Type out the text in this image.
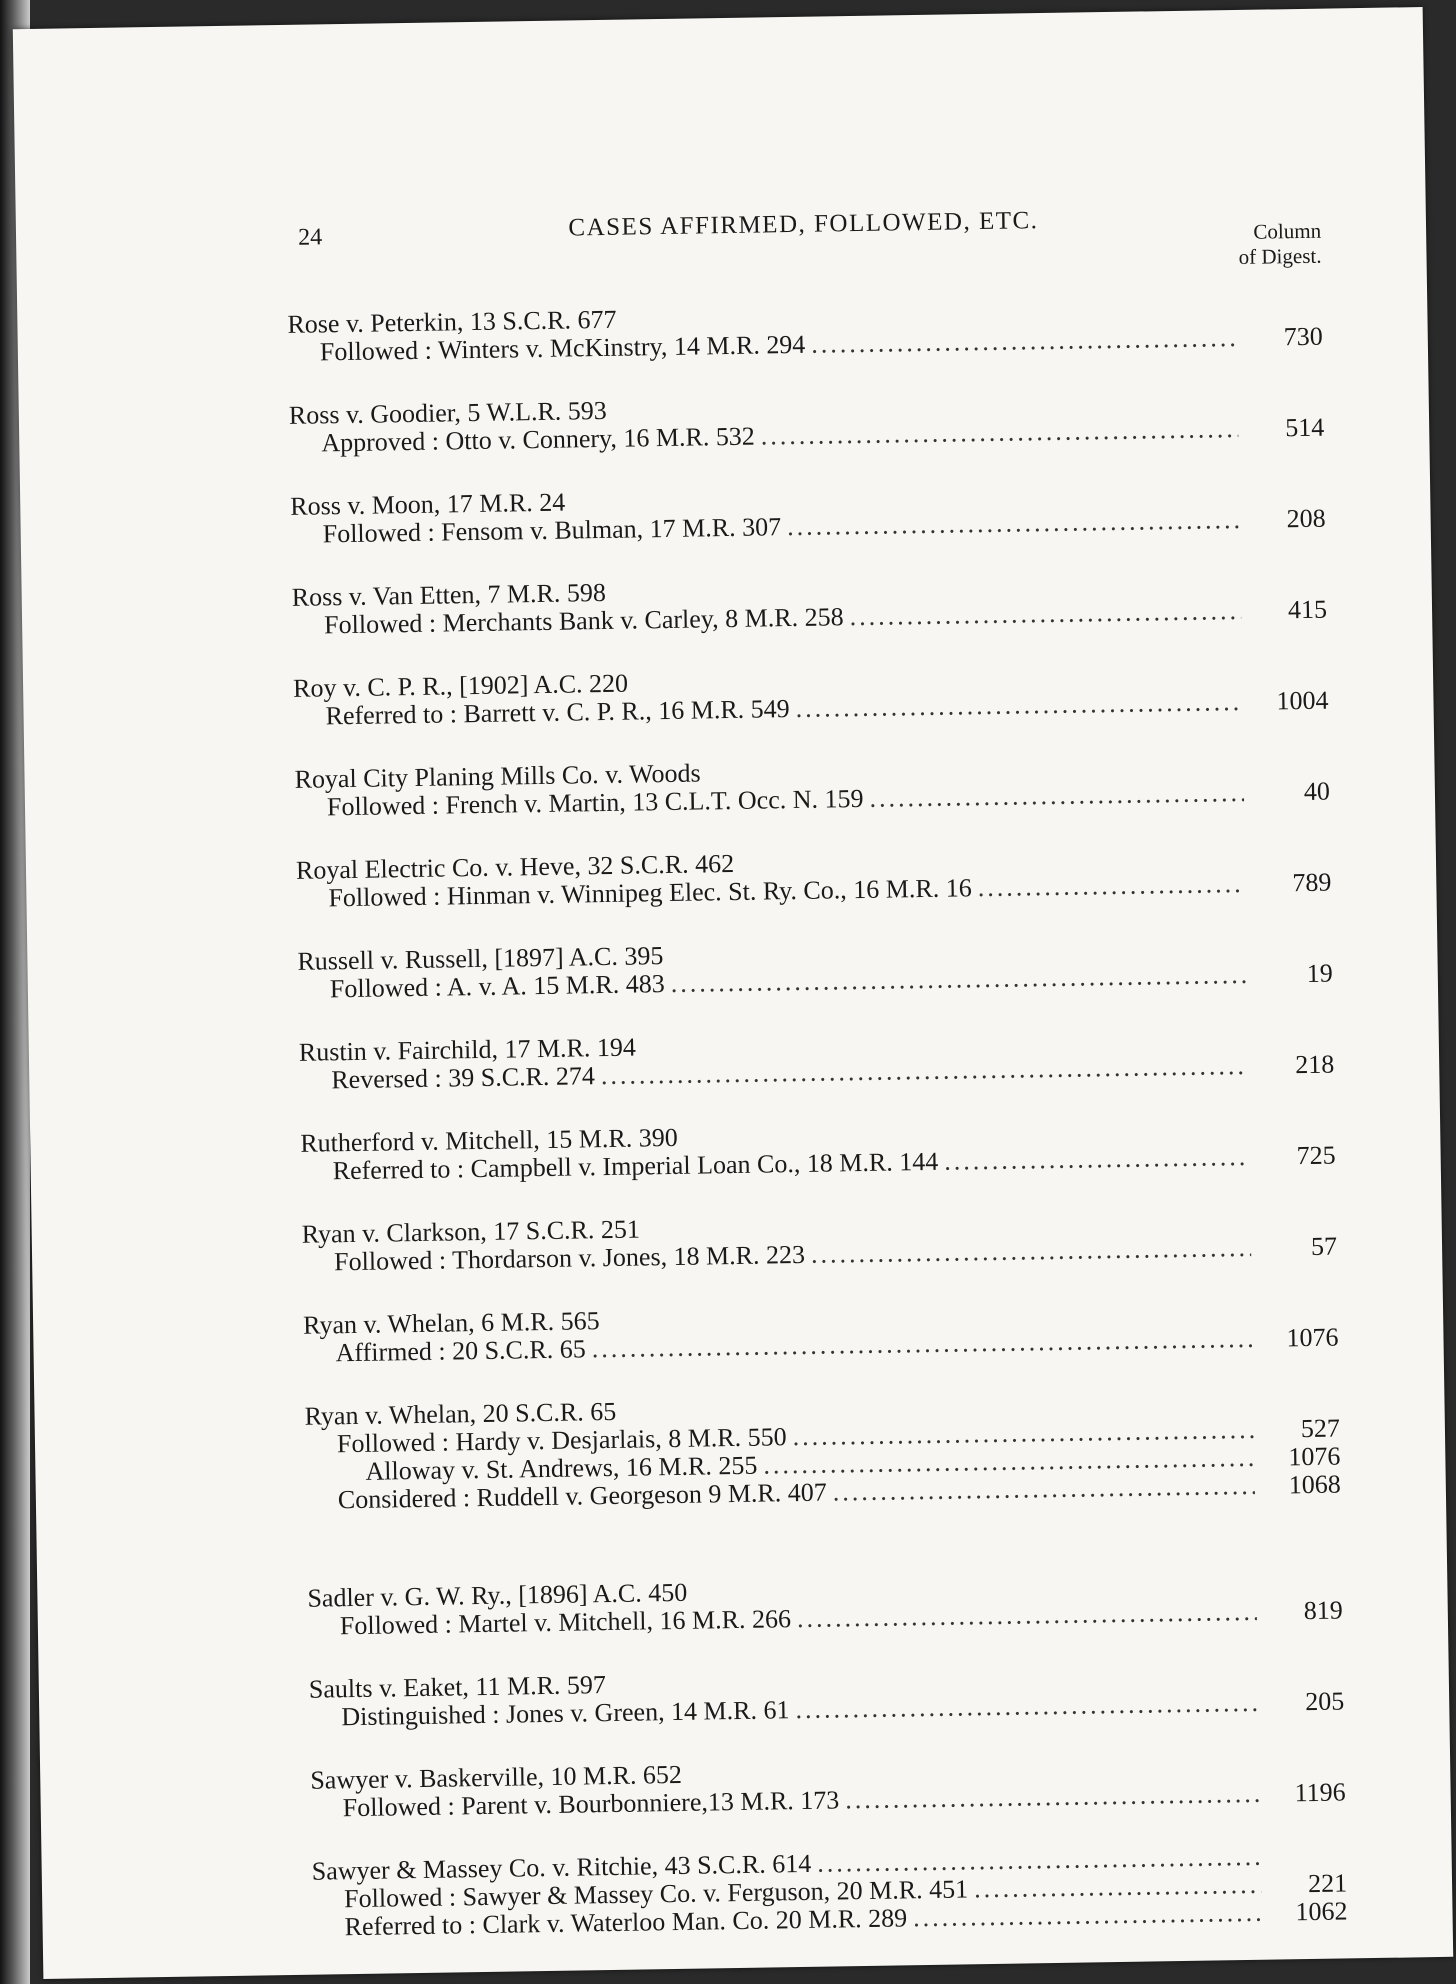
24	CASES AFFIRMED, FOLLOWED, ETC.	Column
of Digest.
Rose v. Peterkin, 13 S.C.R. 677
Followed : Winters v. McKinstry, 14 M.R. 294 .....	730
Ross v. Goodier, 5 W.L.R. 593
Approved : Otto v. Connery, 16 M.R. 532 .....	514
Ross v. Moon, 17 M.R. 24
Followed : Fensom v. Bulman, 17 M.R. 307 .....	208
Ross v. Van Etten, 7 M.R. 598
Followed : Merchants Bank v. Carley, 8 M.R. 258 .....	415
Roy v. C. P. R., [1902] A.C. 220
Referred to : Barrett v. C. P. R., 16 M.R. 549 .....	1004
Royal City Planing Mills Co. v. Woods
Followed : French v. Martin, 13 C.L.T. Occ. N. 159 .....	40
Royal Electric Co. v. Heve, 32 S.C.R. 462
Followed : Hinman v. Winnipeg Elec. St. Ry. Co., 16 M.R. 16 .....	789
Russell v. Russell, [1897] A.C. 395
Followed : A. v. A. 15 M.R. 483 .....	19
Rustin v. Fairchild, 17 M.R. 194
Reversed : 39 S.C.R. 274 .....	218
Rutherford v. Mitchell, 15 M.R. 390
Referred to : Campbell v. Imperial Loan Co., 18 M.R. 144 .....	725
Ryan v. Clarkson, 17 S.C.R. 251
Followed : Thordarson v. Jones, 18 M.R. 223 .....	57
Ryan v. Whelan, 6 M.R. 565
Affirmed : 20 S.C.R. 65 .....	1076
Ryan v. Whelan, 20 S.C.R. 65
Followed : Hardy v. Desjarlais, 8 M.R. 550 .....	527
Alloway v. St. Andrews, 16 M.R. 255 .....	1076
Considered : Ruddell v. Georgeson 9 M.R. 407 .....	1068
Sadler v. G. W. Ry., [1896] A.C. 450
Followed : Martel v. Mitchell, 16 M.R. 266 .....	819
Saults v. Eaket, 11 M.R. 597
Distinguished : Jones v. Green, 14 M.R. 61 .....	205
Sawyer v. Baskerville, 10 M.R. 652
Followed : Parent v. Bourbonniere,13 M.R. 173 .....	1196
Sawyer & Massey Co. v. Ritchie, 43 S.C.R. 614
.....
Followed : Sawyer & Massey Co. v. Ferguson, 20 M.R. 451 .....	221
Referred to : Clark v. Waterloo Man. Co. 20 M.R. 289 .....	1062
